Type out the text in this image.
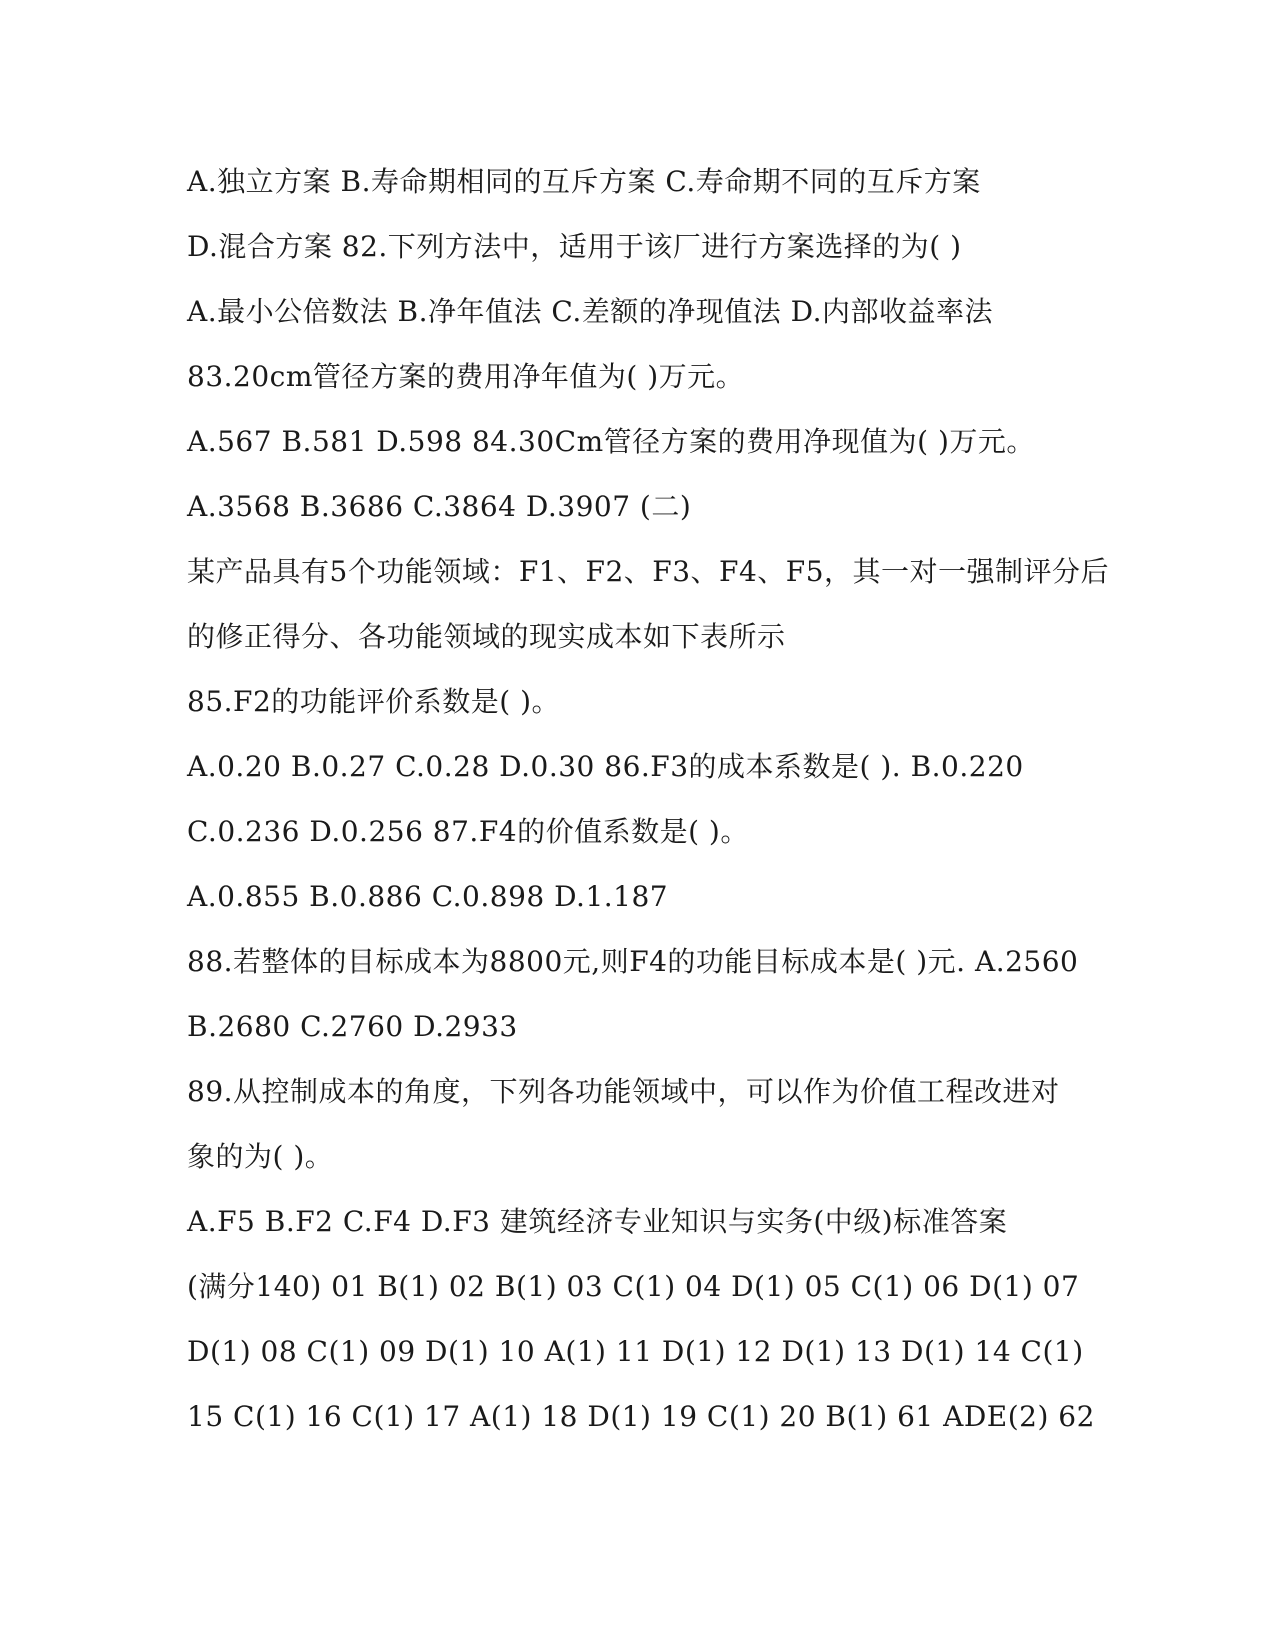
A.独立方案 B.寿命期相同的互斥方案 C.寿命期不同的互斥方案
D.混合方案 82.下列方法中，适用于该厂进行方案选择的为( )
A.最小公倍数法 B.净年值法 C.差额的净现值法 D.内部收益率法
83.20cm管径方案的费用净年值为( )万元。
A.567 B.581 D.598 84.30Cm管径方案的费用净现值为( )万元。
A.3568 B.3686 C.3864 D.3907 (二)
某产品具有5个功能领域：F1、F2、F3、F4、F5，其一对一强制评分后
的修正得分、各功能领域的现实成本如下表所示
85.F2的功能评价系数是( )。
A.0.20 B.0.27 C.0.28 D.0.30 86.F3的成本系数是( ). B.0.220
C.0.236 D.0.256 87.F4的价值系数是( )。
A.0.855 B.0.886 C.0.898 D.1.187
88.若整体的目标成本为8800元,则F4的功能目标成本是( )元. A.2560
B.2680 C.2760 D.2933
89.从控制成本的角度，下列各功能领域中，可以作为价值工程改进对
象的为( )。
A.F5 B.F2 C.F4 D.F3 建筑经济专业知识与实务(中级)标准答案
(满分140) 01 B(1) 02 B(1) 03 C(1) 04 D(1) 05 C(1) 06 D(1) 07
D(1) 08 C(1) 09 D(1) 10 A(1) 11 D(1) 12 D(1) 13 D(1) 14 C(1)
15 C(1) 16 C(1) 17 A(1) 18 D(1) 19 C(1) 20 B(1) 61 ADE(2) 62
